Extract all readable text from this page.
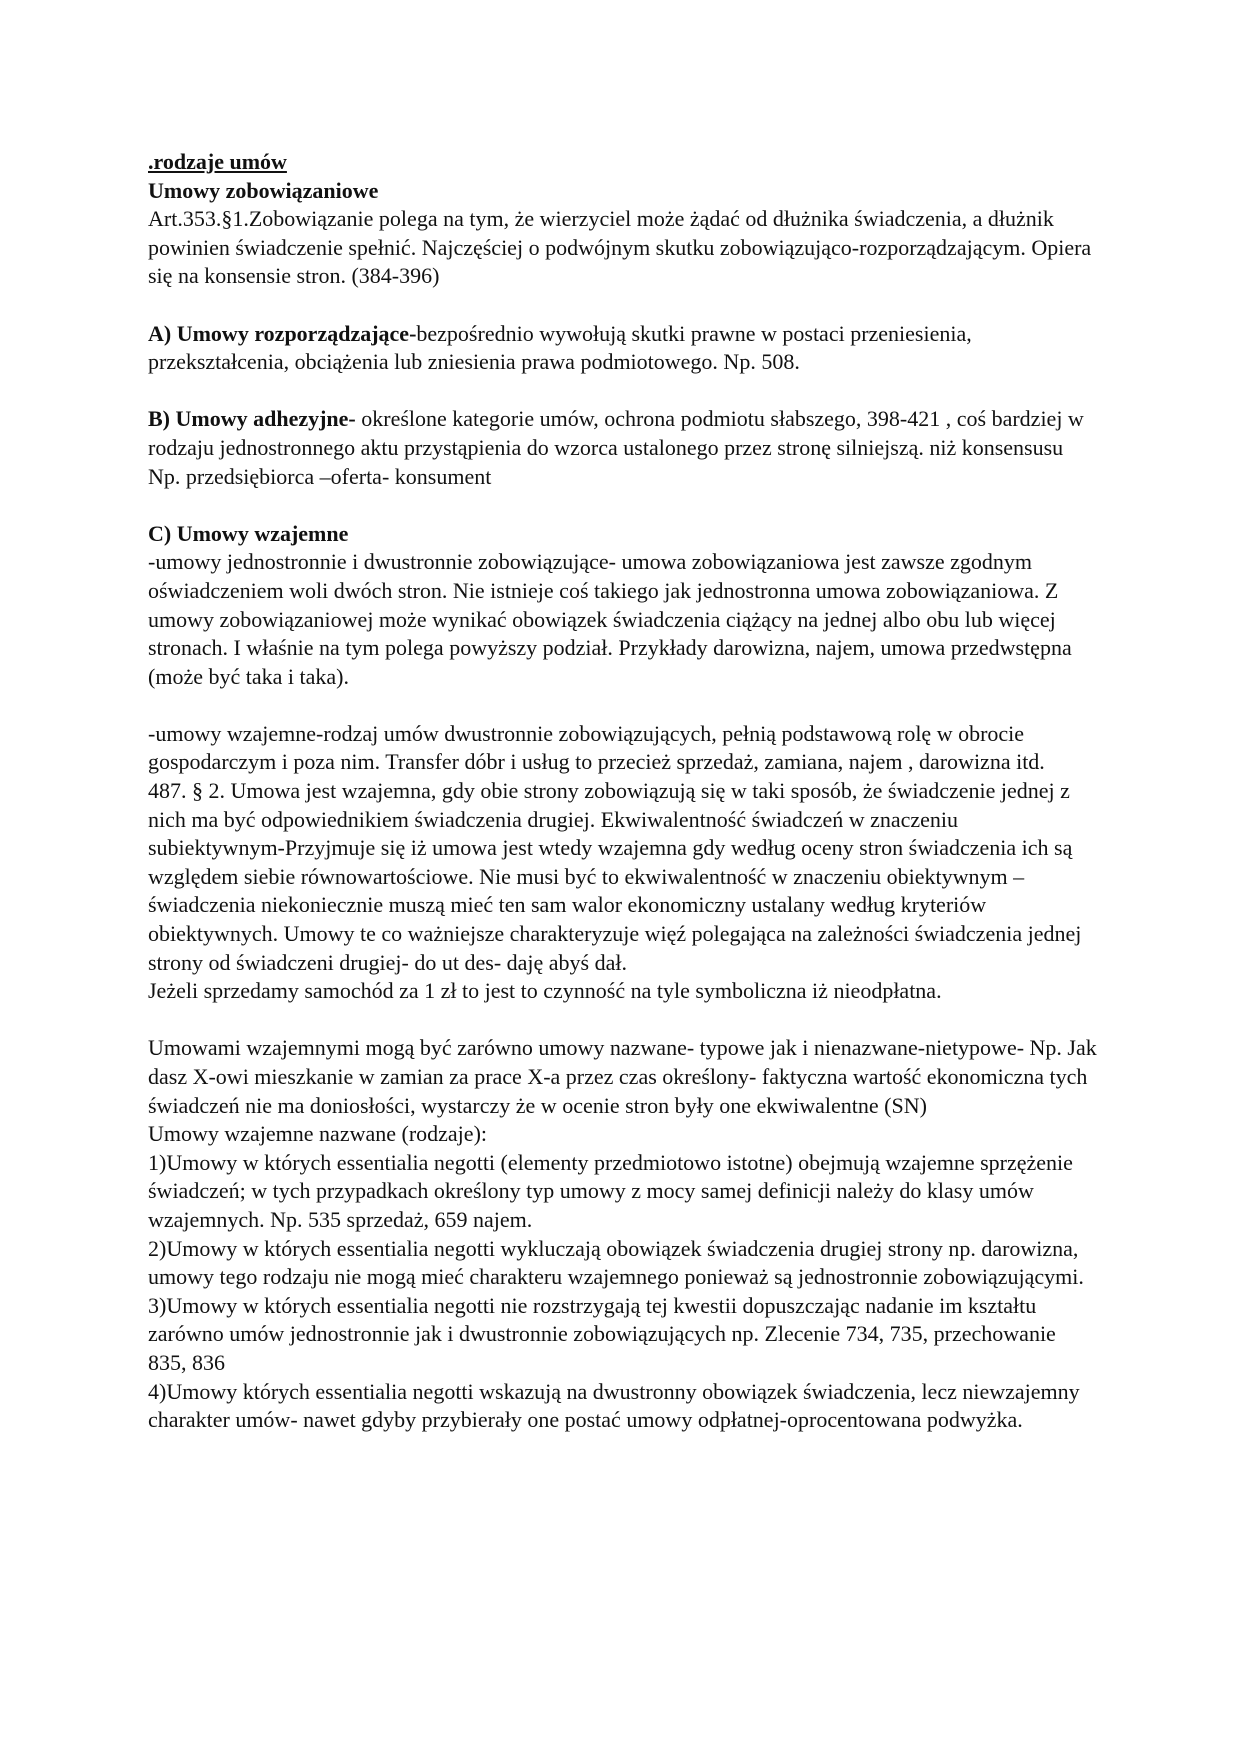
.rodzaje umów

Umowy zobowiązaniowe

Art.353.§1.Zobowiązanie polega na tym, że wierzyciel może żądać od dłużnika świadczenia, a dłużnik powinien świadczenie spełnić. Najczęściej o podwójnym skutku zobowiązująco-rozporządzającym. Opiera się na konsensie stron. (384-396)

A) Umowy rozporządzające-bezpośrednio wywołują skutki prawne w postaci przeniesienia, przekształcenia, obciążenia lub zniesienia prawa podmiotowego. Np. 508.

B) Umowy adhezyjne- określone kategorie umów, ochrona podmiotu słabszego, 398-421 , coś bardziej w rodzaju jednostronnego aktu przystąpienia do wzorca ustalonego przez stronę silniejszą. niż konsensusu Np. przedsiębiorca –oferta- konsument

C) Umowy wzajemne

-umowy jednostronnie i dwustronnie zobowiązujące- umowa zobowiązaniowa jest zawsze zgodnym oświadczeniem woli dwóch stron. Nie istnieje coś takiego jak jednostronna umowa zobowiązaniowa. Z umowy zobowiązaniowej może wynikać obowiązek świadczenia ciążący na jednej albo obu lub więcej stronach. I właśnie na tym polega powyższy podział. Przykłady darowizna, najem, umowa przedwstępna (może być taka i taka).

-umowy wzajemne-rodzaj umów dwustronnie zobowiązujących, pełnią podstawową rolę w obrocie gospodarczym i poza nim. Transfer dóbr i usług to przecież sprzedaż, zamiana, najem , darowizna itd.

487. § 2. Umowa jest wzajemna, gdy obie strony zobowiązują się w taki sposób, że świadczenie jednej z nich ma być odpowiednikiem świadczenia drugiej. Ekwiwalentność świadczeń w znaczeniu subiektywnym-Przyjmuje się iż umowa jest wtedy wzajemna gdy według oceny stron świadczenia ich są względem siebie równowartościowe. Nie musi być to ekwiwalentność w znaczeniu obiektywnym –świadczenia niekoniecznie muszą mieć ten sam walor ekonomiczny ustalany według kryteriów obiektywnych. Umowy te co ważniejsze charakteryzuje więź polegająca na zależności świadczenia jednej strony od świadczeni drugiej- do ut des- daję abyś dał.

Jeżeli sprzedamy samochód za 1 zł to jest to czynność na tyle symboliczna iż nieodpłatna.

Umowami wzajemnymi mogą być zarówno umowy nazwane- typowe jak i nienazwane-nietypowe- Np. Jak dasz X-owi mieszkanie w zamian za prace X-a przez czas określony- faktyczna wartość ekonomiczna tych świadczeń nie ma doniosłości, wystarczy że w ocenie stron były one ekwiwalentne (SN)

Umowy wzajemne nazwane (rodzaje):

1)Umowy w których essentialia negotti (elementy przedmiotowo istotne) obejmują wzajemne sprzężenie świadczeń; w tych przypadkach określony typ umowy z mocy samej definicji należy do klasy umów wzajemnych. Np. 535 sprzedaż, 659 najem.

2)Umowy w których essentialia negotti wykluczają obowiązek świadczenia drugiej strony np. darowizna, umowy tego rodzaju nie mogą mieć charakteru wzajemnego ponieważ są jednostronnie zobowiązującymi.

3)Umowy w których essentialia negotti nie rozstrzygają tej kwestii dopuszczając nadanie im kształtu zarówno umów jednostronnie jak i dwustronnie zobowiązujących np. Zlecenie 734, 735, przechowanie 835, 836

4)Umowy których essentialia negotti wskazują na dwustronny obowiązek świadczenia, lecz niewzajemny charakter umów- nawet gdyby przybierały one postać umowy odpłatnej-oprocentowana podwyżka.
